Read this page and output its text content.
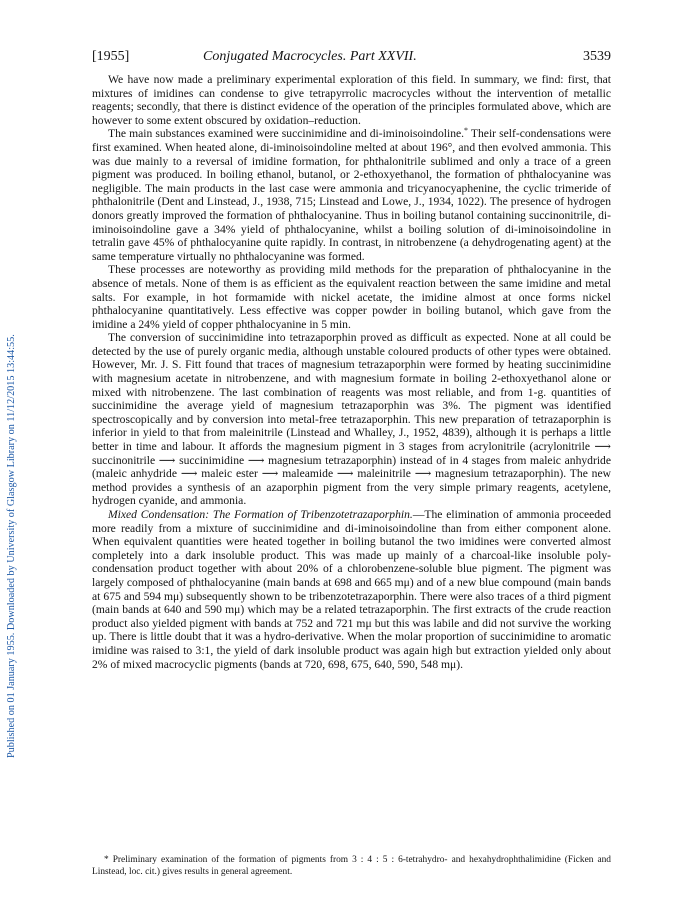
Published on 01 January 1955. Downloaded by University of Glasgow Library on 11/12/2015 13:44:55.
[1955]	Conjugated Macrocycles. Part XXVII.	3539

We have now made a preliminary experimental exploration of this field. In summary, we find: first, that mixtures of imidines can condense to give tetrapyrrolic macrocycles without the intervention of metallic reagents; secondly, that there is distinct evidence of the operation of the principles formulated above, which are however to some extent obscured by oxidation–reduction.

The main substances examined were succinimidine and di-iminoisoindoline.* Their self-condensations were first examined. When heated alone, di-iminoisoindoline melted at about 196°, and then evolved ammonia. This was due mainly to a reversal of imidine formation, for phthalonitrile sublimed and only a trace of a green pigment was produced. In boiling ethanol, butanol, or 2-ethoxyethanol, the formation of phthalocyanine was negligible. The main products in the last case were ammonia and tricyanocyaphenine, the cyclic trimeride of phthalonitrile (Dent and Linstead, J., 1938, 715; Linstead and Lowe, J., 1934, 1022). The presence of hydrogen donors greatly improved the formation of phthalocyanine. Thus in boiling butanol containing succinonitrile, di-iminoisoindoline gave a 34% yield of phthalocyanine, whilst a boiling solution of di-iminoisoindoline in tetralin gave 45% of phthalocyanine quite rapidly. In contrast, in nitrobenzene (a dehydrogenating agent) at the same temperature virtually no phthalocyanine was formed.

These processes are noteworthy as providing mild methods for the preparation of phthalocyanine in the absence of metals. None of them is as efficient as the equivalent reaction between the same imidine and metal salts. For example, in hot formamide with nickel acetate, the imidine almost at once forms nickel phthalocyanine quantitatively. Less effective was copper powder in boiling butanol, which gave from the imidine a 24% yield of copper phthalocyanine in 5 min.

The conversion of succinimidine into tetrazaporphin proved as difficult as expected. None at all could be detected by the use of purely organic media, although unstable coloured products of other types were obtained. However, Mr. J. S. Fitt found that traces of magnesium tetrazaporphin were formed by heating succinimidine with magnesium acetate in nitrobenzene, and with magnesium formate in boiling 2-ethoxyethanol alone or mixed with nitrobenzene. The last combination of reagents was most reliable, and from 1-g. quantities of succinimidine the average yield of magnesium tetrazaporphin was 3%. The pigment was identified spectroscopically and by conversion into metal-free tetrazaporphin. This new preparation of tetrazaporphin is inferior in yield to that from maleinitrile (Linstead and Whalley, J., 1952, 4839), although it is perhaps a little better in time and labour. It affords the magnesium pigment in 3 stages from acrylonitrile (acrylonitrile ⟶ succinonitrile ⟶ succinimidine ⟶ magnesium tetrazaporphin) instead of in 4 stages from maleic anhydride (maleic anhydride ⟶ maleic ester ⟶ maleamide ⟶ maleinitrile ⟶ magnesium tetrazaporphin). The new method provides a synthesis of an azaporphin pigment from the very simple primary reagents, acetylene, hydrogen cyanide, and ammonia.

Mixed Condensation: The Formation of Tribenzotetrazaporphin.—The elimination of ammonia proceeded more readily from a mixture of succinimidine and di-iminoisoindoline than from either component alone. When equivalent quantities were heated together in boiling butanol the two imidines were converted almost completely into a dark insoluble product. This was made up mainly of a charcoal-like insoluble poly-condensation product together with about 20% of a chlorobenzene-soluble blue pigment. The pigment was largely composed of phthalocyanine (main bands at 698 and 665 mμ) and of a new blue compound (main bands at 675 and 594 mμ) subsequently shown to be tribenzotetrazaporphin. There were also traces of a third pigment (main bands at 640 and 590 mμ) which may be a related tetrazaporphin. The first extracts of the crude reaction product also yielded pigment with bands at 752 and 721 mμ but this was labile and did not survive the working up. There is little doubt that it was a hydro-derivative. When the molar proportion of succinimidine to aromatic imidine was raised to 3:1, the yield of dark insoluble product was again high but extraction yielded only about 2% of mixed macrocyclic pigments (bands at 720, 698, 675, 640, 590, 548 mμ).

* Preliminary examination of the formation of pigments from 3 : 4 : 5 : 6-tetrahydro- and hexahydrophthalimidine (Ficken and Linstead, loc. cit.) gives results in general agreement.
